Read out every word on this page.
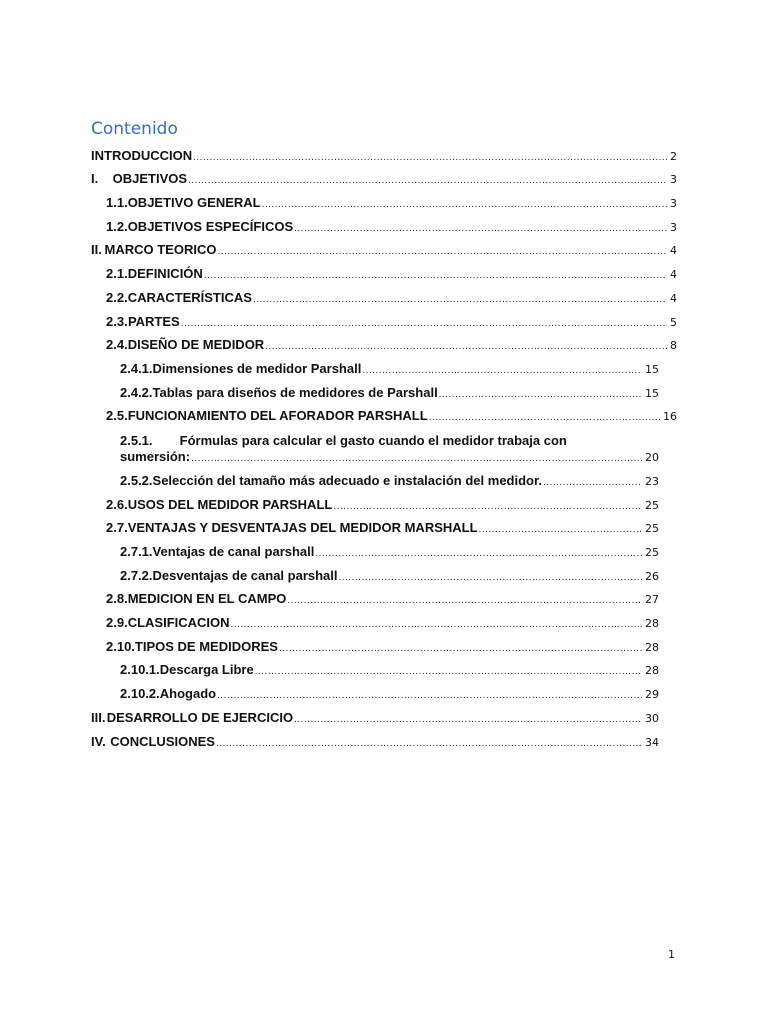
Contenido
INTRODUCCION .....	2
I.	OBJETIVOS .....	3
1.1. OBJETIVO GENERAL .....	3
1.2. OBJETIVOS ESPECÍFICOS .....	3
II. MARCO TEORICO .....	4
2.1. DEFINICIÓN .....	4
2.2. CARACTERÍSTICAS .....	4
2.3. PARTES .....	5
2.4. DISEÑO DE MEDIDOR .....	8
2.4.1. Dimensiones de medidor Parshall .....	15
2.4.2. Tablas para diseños de medidores de Parshall .....	15
2.5. FUNCIONAMIENTO DEL AFORADOR PARSHALL .....	16
2.5.1. Fórmulas para calcular el gasto cuando el medidor trabaja con
sumersión: .....	20
2.5.2. Selección del tamaño más adecuado e instalación del medidor. .....	23
2.6. USOS DEL MEDIDOR PARSHALL .....	25
2.7. VENTAJAS Y DESVENTAJAS DEL MEDIDOR MARSHALL .....	25
2.7.1. Ventajas de canal parshall .....	25
2.7.2. Desventajas de canal parshall .....	26
2.8. MEDICION EN EL CAMPO .....	27
2.9. CLASIFICACION .....	28
2.10. TIPOS DE MEDIDORES .....	28
2.10.1. Descarga Libre .....	28
2.10.2. Ahogado .....	29
III. DESARROLLO DE EJERCICIO .....	30
IV. CONCLUSIONES .....	34
1
